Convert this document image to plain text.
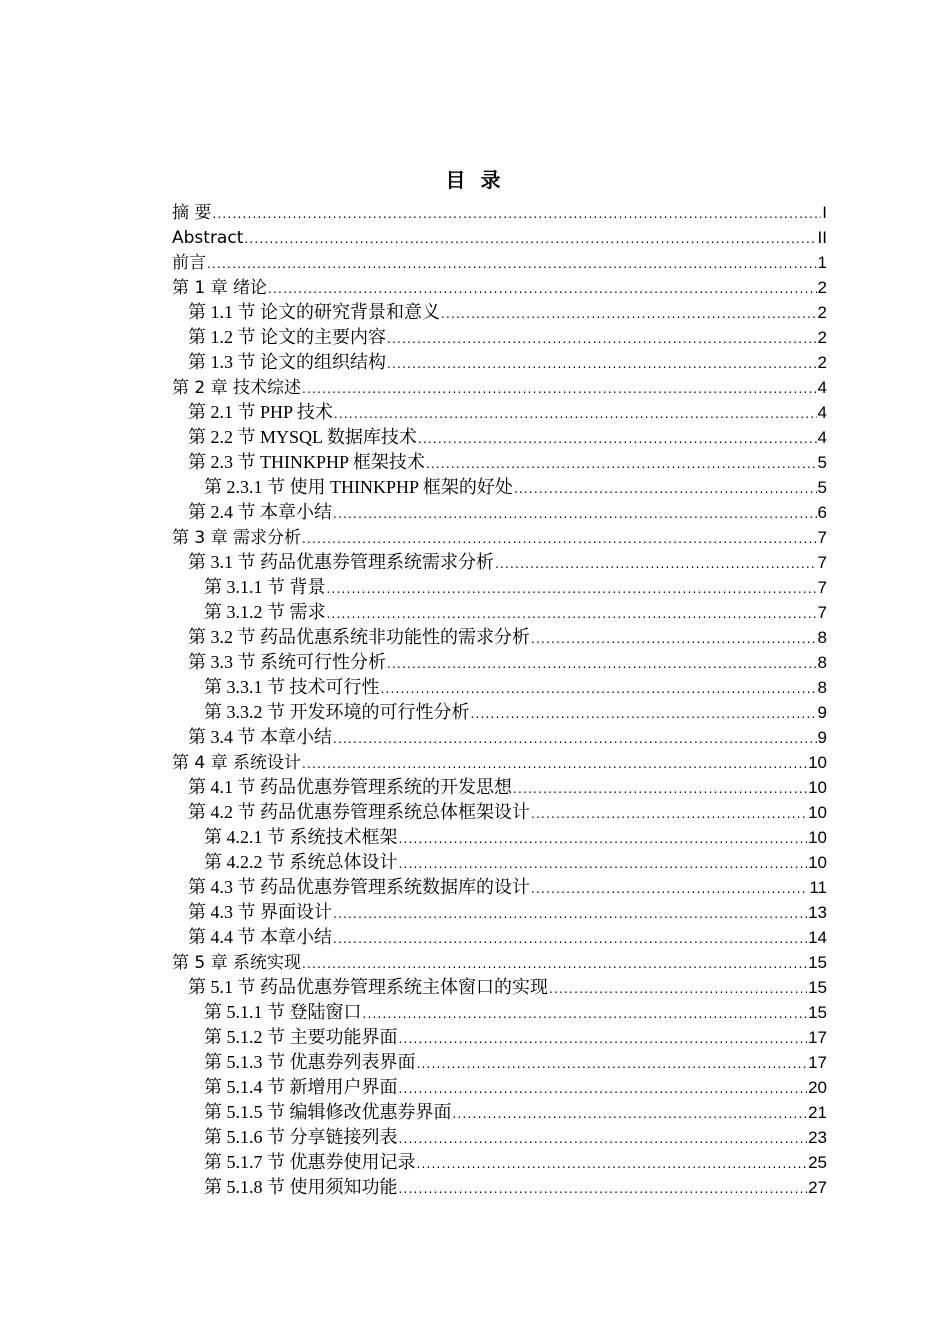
目 录
摘 要 .....	I
Abstract .....	II
前言 .....	1
第 1 章 绪论 .....	2
第 1.1 节 论文的研究背景和意义 .....	2
第 1.2 节 论文的主要内容 .....	2
第 1.3 节 论文的组织结构 .....	2
第 2 章 技术综述 .....	4
第 2.1 节 PHP 技术 .....	4
第 2.2 节 MYSQL 数据库技术 .....	4
第 2.3 节 THINKPHP 框架技术 .....	5
第 2.3.1 节 使用 THINKPHP 框架的好处 .....	5
第 2.4 节 本章小结 .....	6
第 3 章 需求分析 .....	7
第 3.1 节 药品优惠券管理系统需求分析 .....	7
第 3.1.1 节 背景 .....	7
第 3.1.2 节 需求 .....	7
第 3.2 节 药品优惠系统非功能性的需求分析 .....	8
第 3.3 节 系统可行性分析 .....	8
第 3.3.1 节 技术可行性 .....	8
第 3.3.2 节 开发环境的可行性分析 .....	9
第 3.4 节 本章小结 .....	9
第 4 章 系统设计 .....	10
第 4.1 节 药品优惠券管理系统的开发思想 .....	10
第 4.2 节 药品优惠券管理系统总体框架设计 .....	10
第 4.2.1 节 系统技术框架 .....	10
第 4.2.2 节 系统总体设计 .....	10
第 4.3 节 药品优惠券管理系统数据库的设计 .....	11
第 4.3 节 界面设计 .....	13
第 4.4 节 本章小结 .....	14
第 5 章 系统实现 .....	15
第 5.1 节 药品优惠券管理系统主体窗口的实现 .....	15
第 5.1.1 节 登陆窗口 .....	15
第 5.1.2 节 主要功能界面 .....	17
第 5.1.3 节 优惠券列表界面 .....	17
第 5.1.4 节 新增用户界面 .....	20
第 5.1.5 节 编辑修改优惠券界面 .....	21
第 5.1.6 节 分享链接列表 .....	23
第 5.1.7 节 优惠券使用记录 .....	25
第 5.1.8 节 使用须知功能 .....	27
